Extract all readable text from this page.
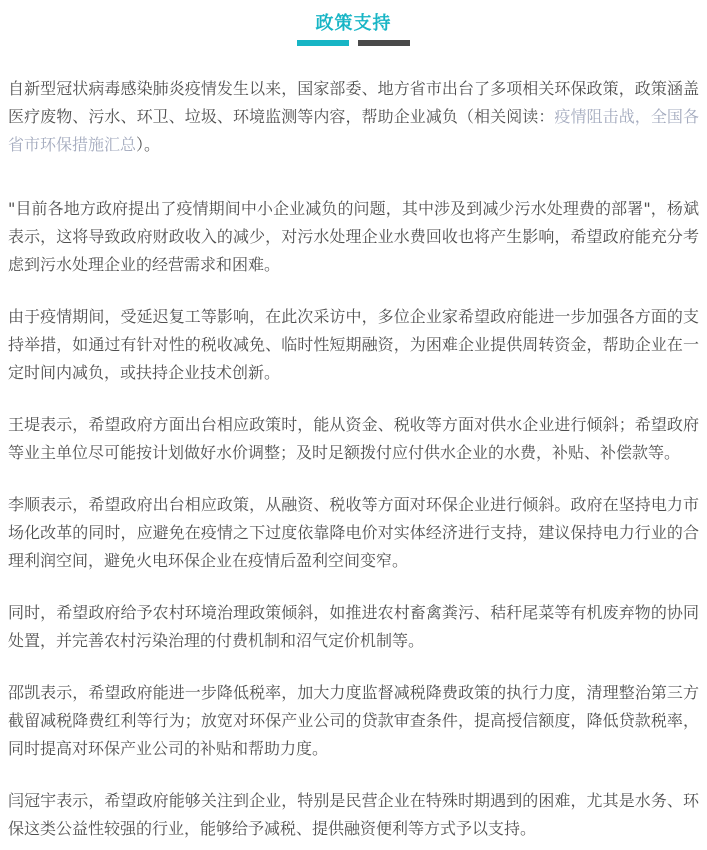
政策支持

自新型冠状病毒感染肺炎疫情发生以来，国家部委、地方省市出台了多项相关环保政策，政策涵盖医疗废物、污水、环卫、垃圾、环境监测等内容，帮助企业减负（相关阅读：疫情阻击战，全国各省市环保措施汇总）。

"目前各地方政府提出了疫情期间中小企业减负的问题，其中涉及到减少污水处理费的部署"，杨斌表示，这将导致政府财政收入的减少，对污水处理企业水费回收也将产生影响，希望政府能充分考虑到污水处理企业的经营需求和困难。

由于疫情期间，受延迟复工等影响，在此次采访中，多位企业家希望政府能进一步加强各方面的支持举措，如通过有针对性的税收减免、临时性短期融资，为困难企业提供周转资金，帮助企业在一定时间内减负，或扶持企业技术创新。

王堤表示，希望政府方面出台相应政策时，能从资金、税收等方面对供水企业进行倾斜；希望政府等业主单位尽可能按计划做好水价调整；及时足额拨付应付供水企业的水费，补贴、补偿款等。

李顺表示，希望政府出台相应政策，从融资、税收等方面对环保企业进行倾斜。政府在坚持电力市场化改革的同时，应避免在疫情之下过度依靠降电价对实体经济进行支持，建议保持电力行业的合理利润空间，避免火电环保企业在疫情后盈利空间变窄。

同时，希望政府给予农村环境治理政策倾斜，如推进农村畜禽粪污、秸秆尾菜等有机废弃物的协同处置，并完善农村污染治理的付费机制和沼气定价机制等。

邵凯表示，希望政府能进一步降低税率，加大力度监督减税降费政策的执行力度，清理整治第三方截留减税降费红利等行为；放宽对环保产业公司的贷款审查条件，提高授信额度，降低贷款税率，同时提高对环保产业公司的补贴和帮助力度。

闫冠宇表示，希望政府能够关注到企业，特别是民营企业在特殊时期遇到的困难，尤其是水务、环保这类公益性较强的行业，能够给予减税、提供融资便利等方式予以支持。
